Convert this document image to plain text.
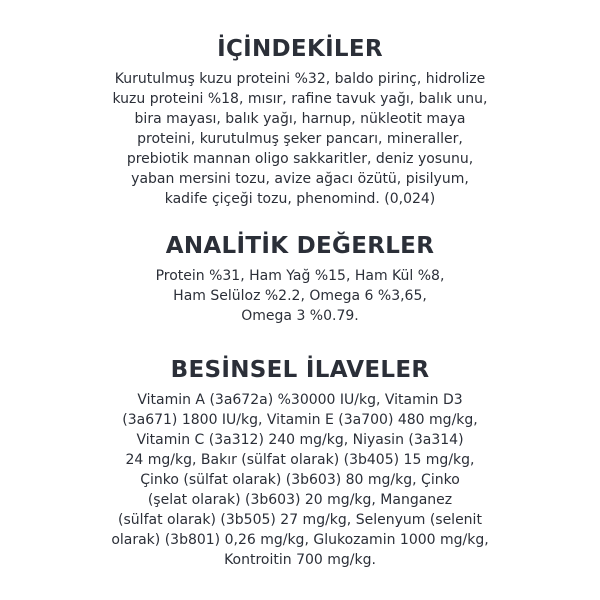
İÇİNDEKİLER

Kurutulmuş kuzu proteini %32, baldo pirinç, hidrolize
kuzu proteini %18, mısır, rafine tavuk yağı, balık unu,
bira mayası, balık yağı, harnup, nükleotit maya
proteini, kurutulmuş şeker pancarı, mineraller,
prebiotik mannan oligo sakkaritler, deniz yosunu,
yaban mersini tozu, avize ağacı özütü, pisilyum,
kadife çiçeği tozu, phenomind. (0,024)

ANALİTİK DEĞERLER

Protein %31, Ham Yağ %15, Ham Kül %8,
Ham Selüloz %2.2, Omega 6 %3,65,
Omega 3 %0.79.

BESİNSEL İLAVELER

Vitamin A (3a672a) %30000 IU/kg, Vitamin D3
(3a671) 1800 IU/kg, Vitamin E (3a700) 480 mg/kg,
Vitamin C (3a312) 240 mg/kg, Niyasin (3a314)
24 mg/kg, Bakır (sülfat olarak) (3b405) 15 mg/kg,
Çinko (sülfat olarak) (3b603) 80 mg/kg, Çinko
(şelat olarak) (3b603) 20 mg/kg, Manganez
(sülfat olarak) (3b505) 27 mg/kg, Selenyum (selenit
olarak) (3b801) 0,26 mg/kg, Glukozamin 1000 mg/kg,
Kontroitin 700 mg/kg.
